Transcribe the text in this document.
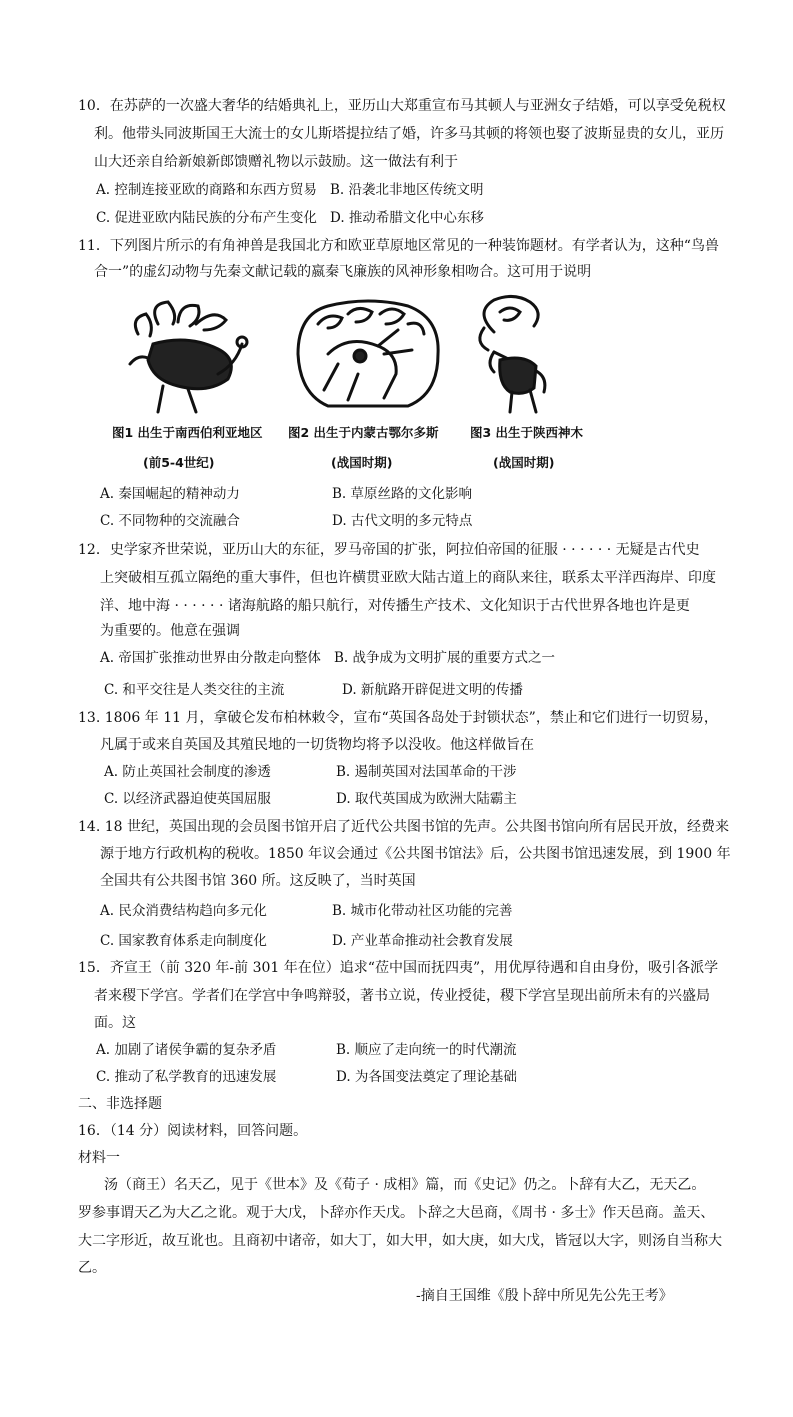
10．在苏萨的一次盛大奢华的结婚典礼上，亚历山大郑重宣布马其顿人与亚洲女子结婚，可以享受免税权
利。他带头同波斯国王大流士的女儿斯塔提拉结了婚，许多马其顿的将领也娶了波斯显贵的女儿，亚历
山大还亲自给新娘新郎馈赠礼物以示鼓励。这一做法有利于
A. 控制连接亚欧的商路和东西方贸易 B. 沿袭北非地区传统文明
C. 促进亚欧内陆民族的分布产生变化 D. 推动希腊文化中心东移
11．下列图片所示的有角神兽是我国北方和欧亚草原地区常见的一种装饰题材。有学者认为，这种“鸟兽
合一”的虚幻动物与先秦文献记载的嬴秦飞廉族的风神形象相吻合。这可用于说明
图1 出生于南西伯利亚地区
(前5-4世纪)
图2 出生于内蒙古鄂尔多斯
(战国时期)
图3 出生于陕西神木
(战国时期)
A. 秦国崛起的精神动力	B. 草原丝路的文化影响
C. 不同物种的交流融合	D. 古代文明的多元特点
12．史学家齐世荣说，亚历山大的东征，罗马帝国的扩张，阿拉伯帝国的征服 · · · · · · 无疑是古代史
上突破相互孤立隔绝的重大事件，但也许横贯亚欧大陆古道上的商队来往，联系太平洋西海岸、印度
洋、地中海 · · · · · · 诸海航路的船只航行，对传播生产技术、文化知识于古代世界各地也许是更
为重要的。他意在强调
A. 帝国扩张推动世界由分散走向整体 B. 战争成为文明扩展的重要方式之一
C. 和平交往是人类交往的主流	D. 新航路开辟促进文明的传播
13. 1806 年 11 月，拿破仑发布柏林敕令，宣布“英国各岛处于封锁状态”，禁止和它们进行一切贸易，
凡属于或来自英国及其殖民地的一切货物均将予以没收。他这样做旨在
A. 防止英国社会制度的渗透	B. 遏制英国对法国革命的干涉
C. 以经济武器迫使英国屈服	D. 取代英国成为欧洲大陆霸主
14. 18 世纪，英国出现的会员图书馆开启了近代公共图书馆的先声。公共图书馆向所有居民开放，经费来
源于地方行政机构的税收。1850 年议会通过《公共图书馆法》后，公共图书馆迅速发展，到 1900 年
全国共有公共图书馆 360 所。这反映了，当时英国
A. 民众消费结构趋向多元化	B. 城市化带动社区功能的完善
C. 国家教育体系走向制度化	D. 产业革命推动社会教育发展
15．齐宣王（前 320 年-前 301 年在位）追求“莅中国而抚四夷”，用优厚待遇和自由身份，吸引各派学
者来稷下学宫。学者们在学宫中争鸣辩驳，著书立说，传业授徒，稷下学宫呈现出前所未有的兴盛局
面。这
A. 加剧了诸侯争霸的复杂矛盾	B. 顺应了走向统一的时代潮流
C. 推动了私学教育的迅速发展	D. 为各国变法奠定了理论基础
二、非选择题
16．（14 分）阅读材料，回答问题。
材料一
汤（商王）名天乙，见于《世本》及《荀子 · 成相》篇，而《史记》仍之。卜辞有大乙，无天乙。
罗参事谓天乙为大乙之讹。观于大戊，卜辞亦作天戊。卜辞之大邑商，《周书 · 多士》作天邑商。盖天、
大二字形近，故互讹也。且商初中诸帝，如大丁，如大甲，如大庚，如大戊，皆冠以大字，则汤自当称大
乙。
-摘自王国维《殷卜辞中所见先公先王考》
